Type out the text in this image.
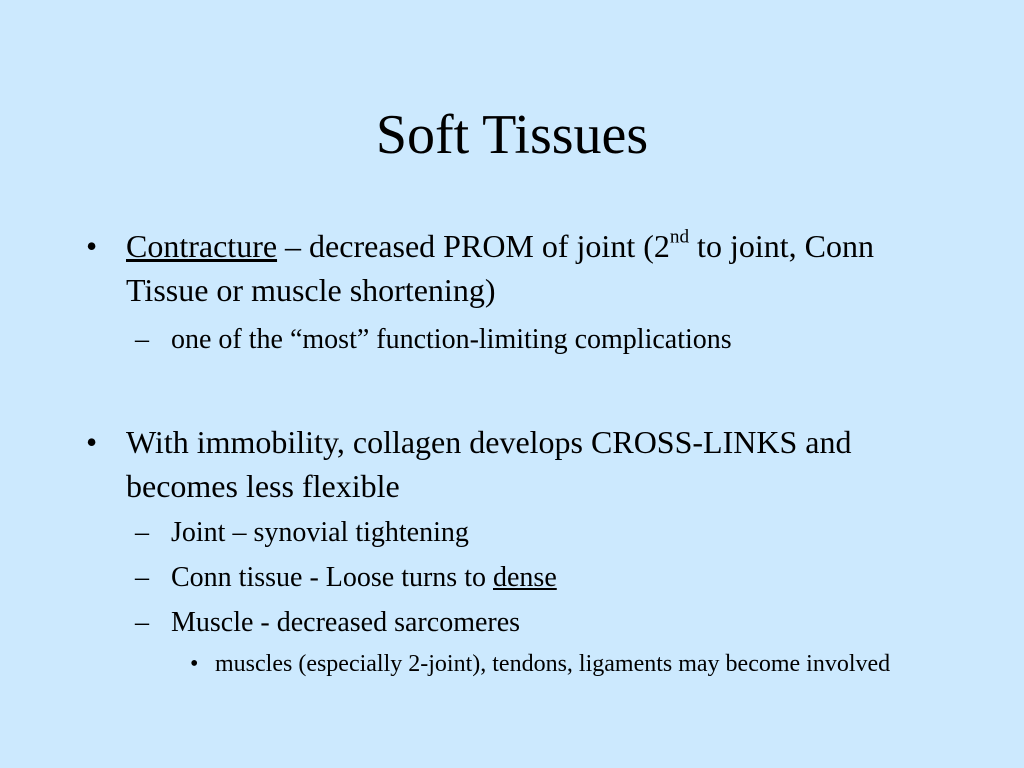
Soft Tissues
• Contracture – decreased PROM of joint (2nd to joint, Conn Tissue or muscle shortening)
– one of the “most” function-limiting complications
• With immobility, collagen develops CROSS-LINKS and becomes less flexible
– Joint – synovial tightening
– Conn tissue - Loose turns to dense
– Muscle - decreased sarcomeres
• muscles (especially 2-joint), tendons, ligaments may become involved
